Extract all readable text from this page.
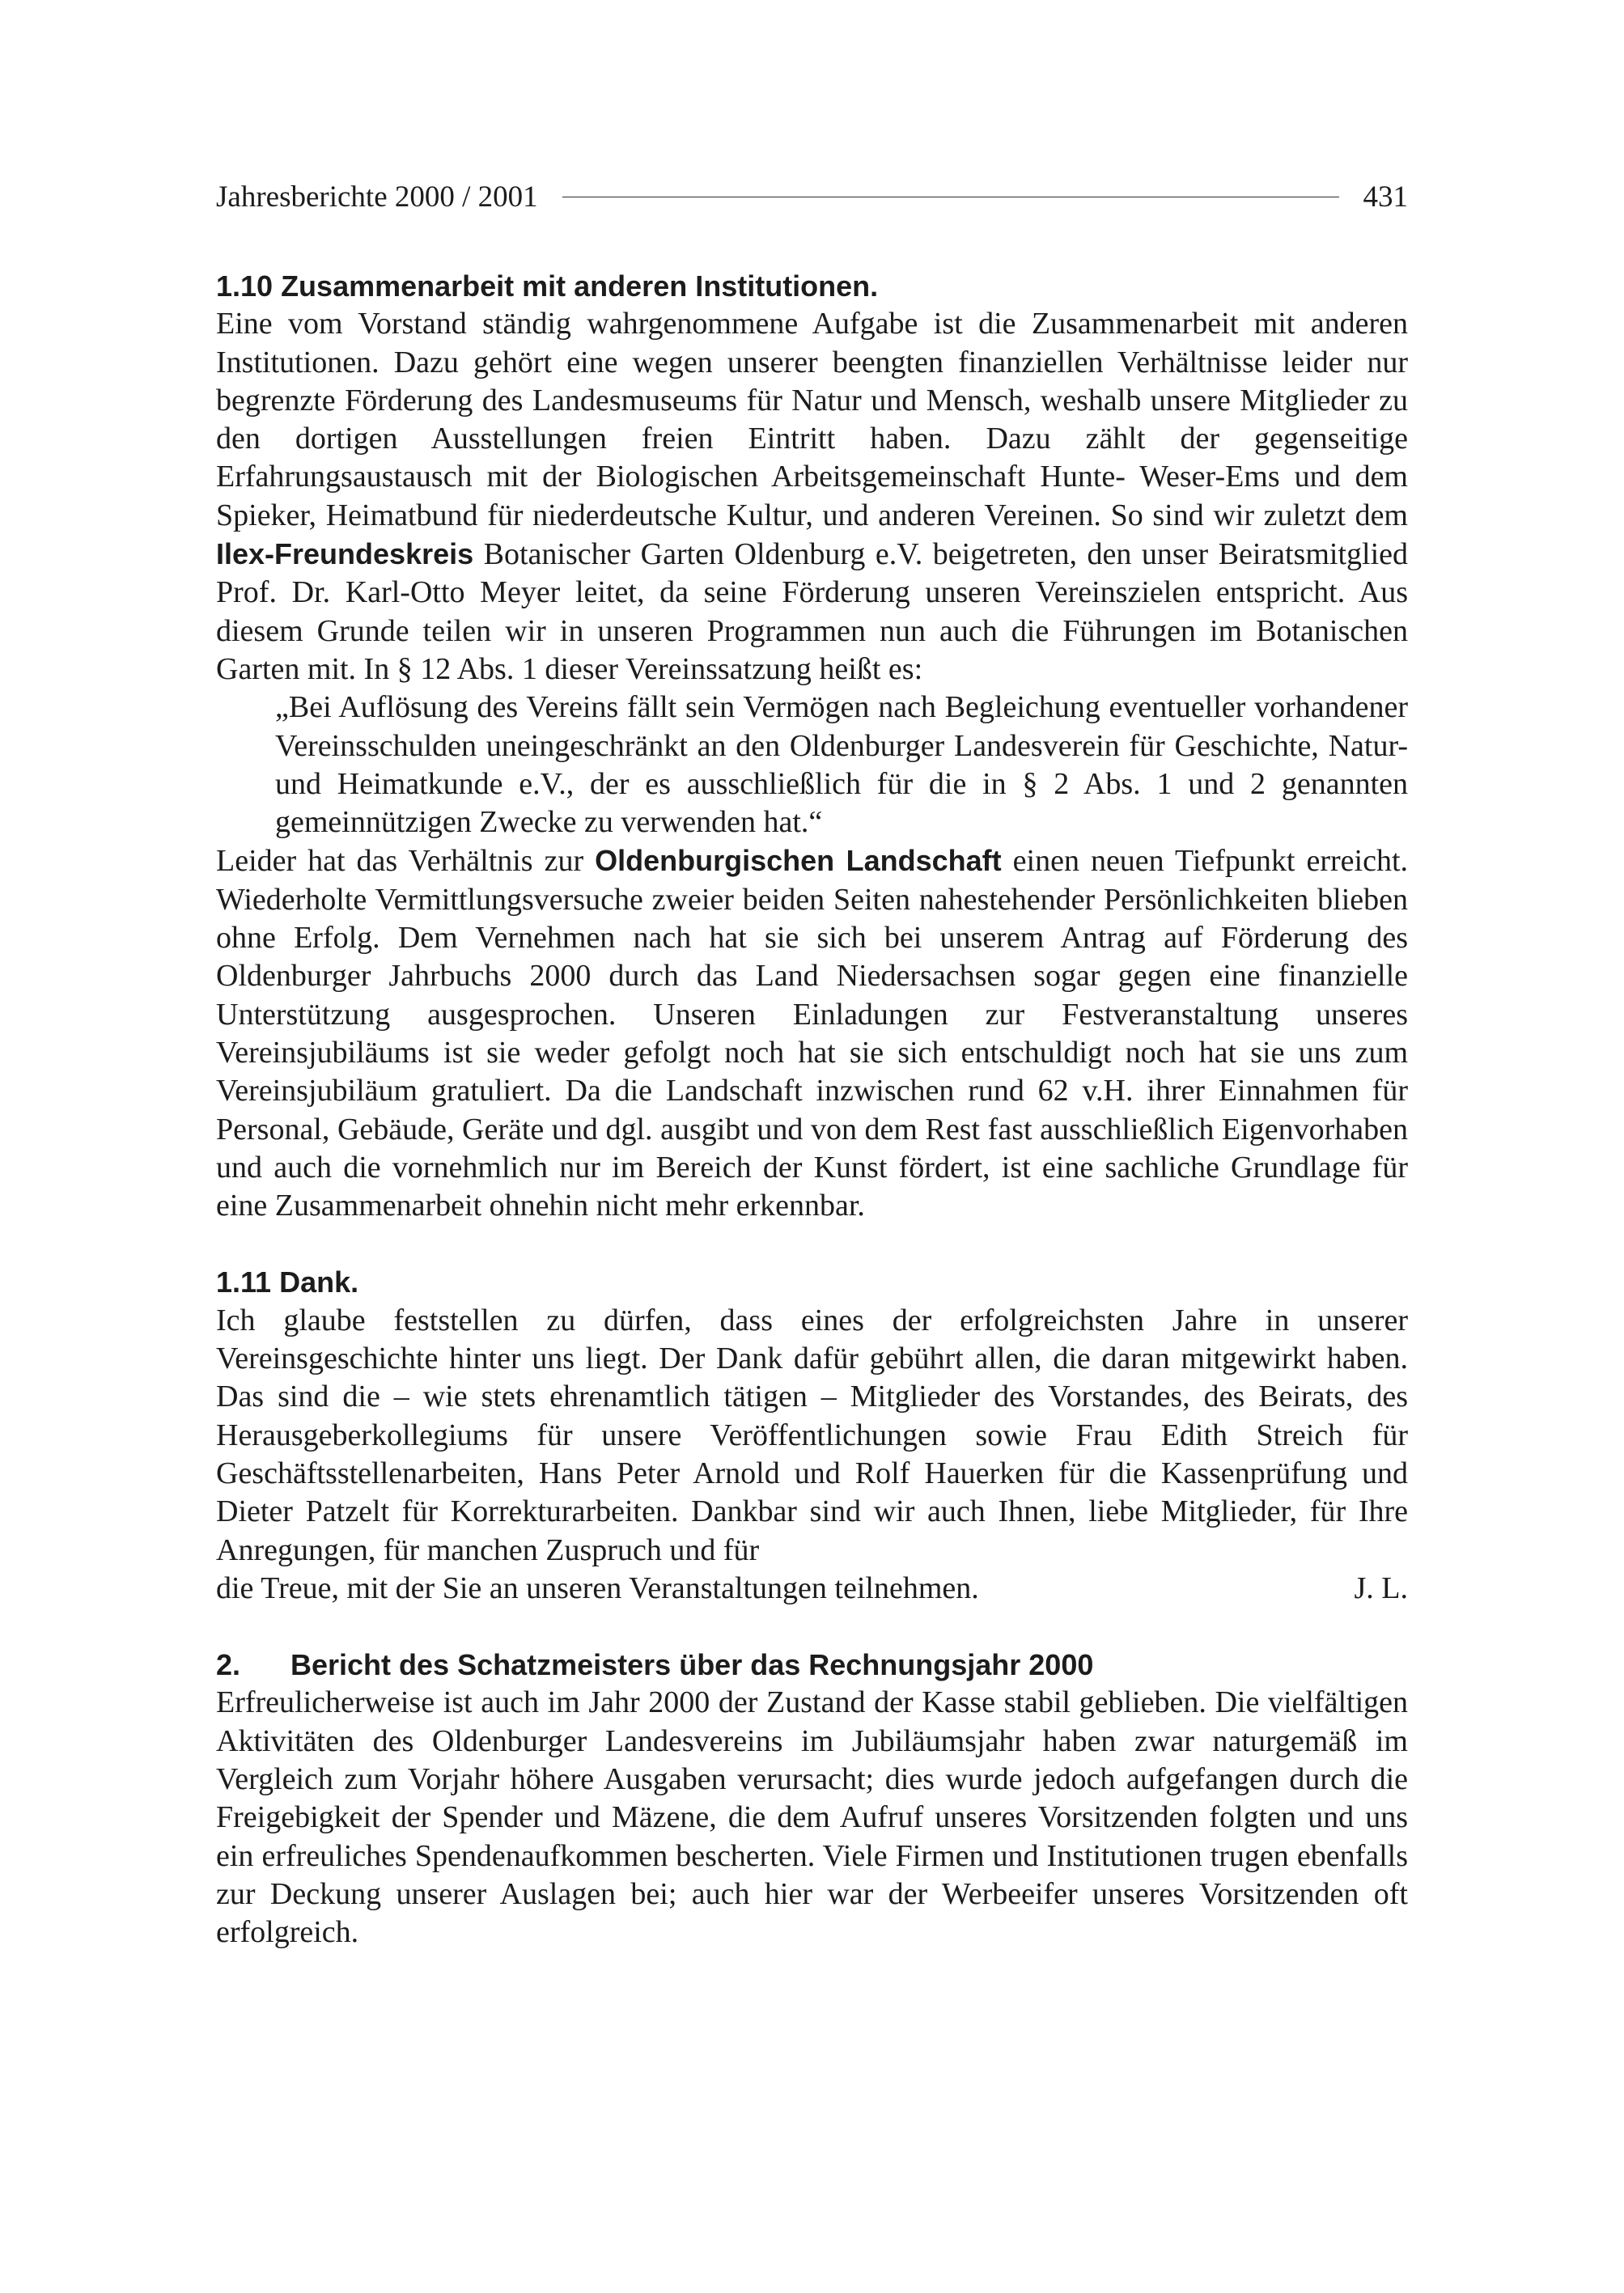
Jahresberichte 2000 / 2001	431
1.10 Zusammenarbeit mit anderen Institutionen.

Eine vom Vorstand ständig wahrgenommene Aufgabe ist die Zusammenarbeit mit anderen Institutionen. Dazu gehört eine wegen unserer beengten finanziellen Verhältnisse leider nur begrenzte Förderung des Landesmuseums für Natur und Mensch, weshalb unsere Mitglieder zu den dortigen Ausstellungen freien Eintritt haben. Dazu zählt der gegenseitige Erfahrungsaustausch mit der Biologischen Arbeitsgemeinschaft Hunte- Weser-Ems und dem Spieker, Heimatbund für niederdeutsche Kultur, und anderen Vereinen. So sind wir zuletzt dem Ilex-Freundeskreis Botanischer Garten Oldenburg e.V. beigetreten, den unser Beiratsmitglied Prof. Dr. Karl-Otto Meyer leitet, da seine Förderung unseren Vereinszielen entspricht. Aus diesem Grunde teilen wir in unseren Programmen nun auch die Führungen im Botanischen Garten mit. In § 12 Abs. 1 dieser Vereinssatzung heißt es:

„Bei Auflösung des Vereins fällt sein Vermögen nach Begleichung eventueller vorhandener Vereinsschulden uneingeschränkt an den Oldenburger Landesverein für Geschichte, Natur- und Heimatkunde e.V., der es ausschließlich für die in § 2 Abs. 1 und 2 genannten gemeinnützigen Zwecke zu verwenden hat.“

Leider hat das Verhältnis zur Oldenburgischen Landschaft einen neuen Tiefpunkt erreicht. Wiederholte Vermittlungsversuche zweier beiden Seiten nahestehender Persönlichkeiten blieben ohne Erfolg. Dem Vernehmen nach hat sie sich bei unserem Antrag auf Förderung des Oldenburger Jahrbuchs 2000 durch das Land Niedersachsen sogar gegen eine finanzielle Unterstützung ausgesprochen. Unseren Einladungen zur Festveranstaltung unseres Vereinsjubiläums ist sie weder gefolgt noch hat sie sich entschuldigt noch hat sie uns zum Vereinsjubiläum gratuliert. Da die Landschaft inzwischen rund 62 v.H. ihrer Einnahmen für Personal, Gebäude, Geräte und dgl. ausgibt und von dem Rest fast ausschließlich Eigenvorhaben und auch die vornehmlich nur im Bereich der Kunst fördert, ist eine sachliche Grundlage für eine Zusammenarbeit ohnehin nicht mehr erkennbar.

1.11 Dank.

Ich glaube feststellen zu dürfen, dass eines der erfolgreichsten Jahre in unserer Vereinsgeschichte hinter uns liegt. Der Dank dafür gebührt allen, die daran mitgewirkt haben. Das sind die – wie stets ehrenamtlich tätigen – Mitglieder des Vorstandes, des Beirats, des Herausgeberkollegiums für unsere Veröffentlichungen sowie Frau Edith Streich für Geschäftsstellenarbeiten, Hans Peter Arnold und Rolf Hauerken für die Kassenprüfung und Dieter Patzelt für Korrekturarbeiten. Dankbar sind wir auch Ihnen, liebe Mitglieder, für Ihre Anregungen, für manchen Zuspruch und für

die Treue, mit der Sie an unseren Veranstaltungen teilnehmen.	J. L.
2. Bericht des Schatzmeisters über das Rechnungsjahr 2000

Erfreulicherweise ist auch im Jahr 2000 der Zustand der Kasse stabil geblieben. Die vielfältigen Aktivitäten des Oldenburger Landesvereins im Jubiläumsjahr haben zwar naturgemäß im Vergleich zum Vorjahr höhere Ausgaben verursacht; dies wurde jedoch aufgefangen durch die Freigebigkeit der Spender und Mäzene, die dem Aufruf unseres Vorsitzenden folgten und uns ein erfreuliches Spendenaufkommen bescherten. Viele Firmen und Institutionen trugen ebenfalls zur Deckung unserer Auslagen bei; auch hier war der Werbeeifer unseres Vorsitzenden oft erfolgreich.
